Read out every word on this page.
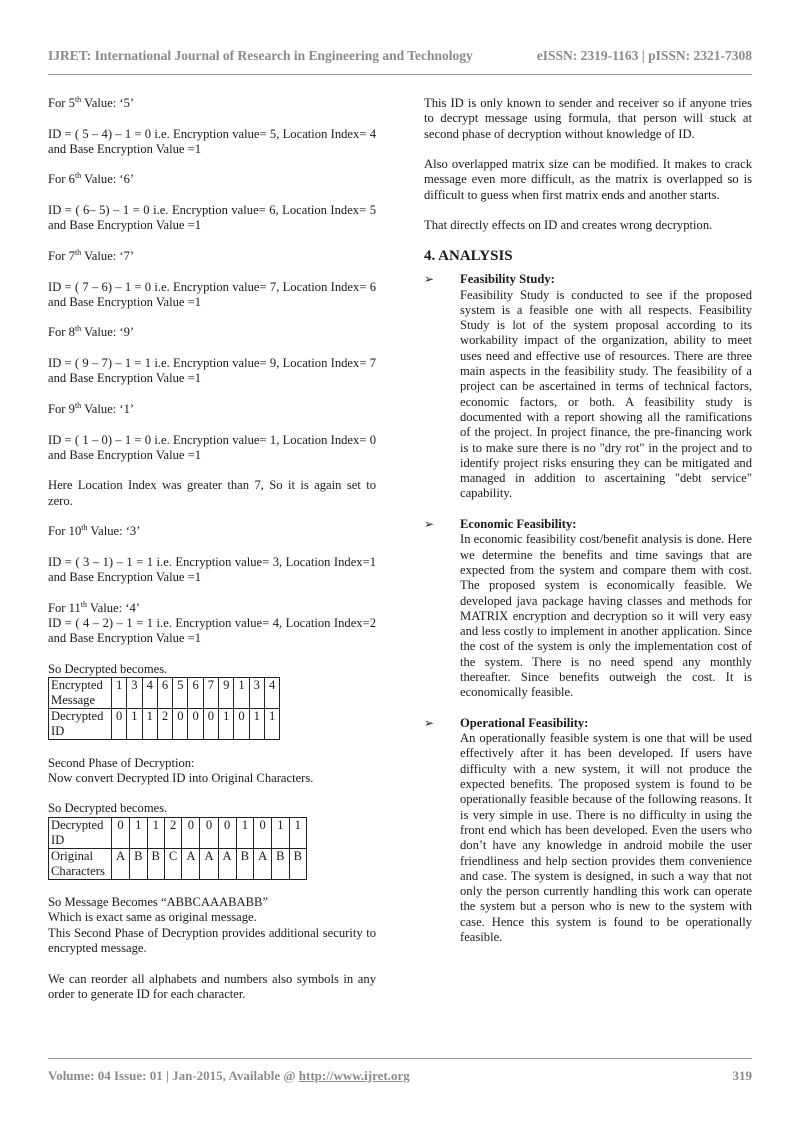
IJRET: International Journal of Research in Engineering and Technology	eISSN: 2319-1163 | pISSN: 2321-7308

For 5th Value: ‘5’

ID = ( 5 – 4) – 1 = 0 i.e. Encryption value= 5, Location Index= 4 and Base Encryption Value =1

For 6th Value: ‘6’

ID = ( 6– 5) – 1 = 0 i.e. Encryption value= 6, Location Index= 5 and Base Encryption Value =1

For 7th Value: ‘7’

ID = ( 7 – 6) – 1 = 0 i.e. Encryption value= 7, Location Index= 6 and Base Encryption Value =1

For 8th Value: ‘9’

ID = ( 9 – 7) – 1 = 1 i.e. Encryption value= 9, Location Index= 7 and Base Encryption Value =1

For 9th Value: ‘1’

ID = ( 1 – 0) – 1 = 0 i.e. Encryption value= 1, Location Index= 0 and Base Encryption Value =1

Here Location Index was greater than 7, So it is again set to zero.

For 10th Value: ‘3’

ID = ( 3 – 1) – 1 = 1 i.e. Encryption value= 3, Location Index=1 and Base Encryption Value =1

For 11th Value: ‘4’

ID = ( 4 – 2) – 1 = 1 i.e. Encryption value= 4, Location Index=2 and Base Encryption Value =1

So Decrypted becomes.

Encrypted Message	1	3	4	6	5	6	7	9	1	3	4
Decrypted ID	0	1	1	2	0	0	0	1	0	1	1

Second Phase of Decryption:

Now convert Decrypted ID into Original Characters.

So Decrypted becomes.

Decrypted ID	0	1	1	2	0	0	0	1	0	1	1
Original Characters	A	B	B	C	A	A	A	B	A	B	B

So Message Becomes “ABBCAAABABB”

Which is exact same as original message.

This Second Phase of Decryption provides additional security to encrypted message.

We can reorder all alphabets and numbers also symbols in any order to generate ID for each character.

This ID is only known to sender and receiver so if anyone tries to decrypt message using formula, that person will stuck at second phase of decryption without knowledge of ID.

Also overlapped matrix size can be modified. It makes to crack message even more difficult, as the matrix is overlapped so is difficult to guess when first matrix ends and another starts.

That directly effects on ID and creates wrong decryption.

4. ANALYSIS
➢ Feasibility Study:
Feasibility Study is conducted to see if the proposed system is a feasible one with all respects. Feasibility Study is lot of the system proposal according to its workability impact of the organization, ability to meet uses need and effective use of resources. There are three main aspects in the feasibility study. The feasibility of a project can be ascertained in terms of technical factors, economic factors, or both. A feasibility study is documented with a report showing all the ramifications of the project. In project finance, the pre-financing work is to make sure there is no "dry rot" in the project and to identify project risks ensuring they can be mitigated and managed in addition to ascertaining "debt service" capability.
➢ Economic Feasibility:
In economic feasibility cost/benefit analysis is done. Here we determine the benefits and time savings that are expected from the system and compare them with cost. The proposed system is economically feasible. We developed java package having classes and methods for MATRIX encryption and decryption so it will very easy and less costly to implement in another application. Since the cost of the system is only the implementation cost of the system. There is no need spend any monthly thereafter. Since benefits outweigh the cost. It is economically feasible.
➢ Operational Feasibility:
An operationally feasible system is one that will be used effectively after it has been developed. If users have difficulty with a new system, it will not produce the expected benefits. The proposed system is found to be operationally feasible because of the following reasons. It is very simple in use. There is no difficulty in using the front end which has been developed. Even the users who don’t have any knowledge in android mobile the user friendliness and help section provides them convenience and case. The system is designed, in such a way that not only the person currently handling this work can operate the system but a person who is new to the system with case. Hence this system is found to be operationally feasible.
Volume: 04 Issue: 01 | Jan-2015, Available @ http://www.ijret.org	319
